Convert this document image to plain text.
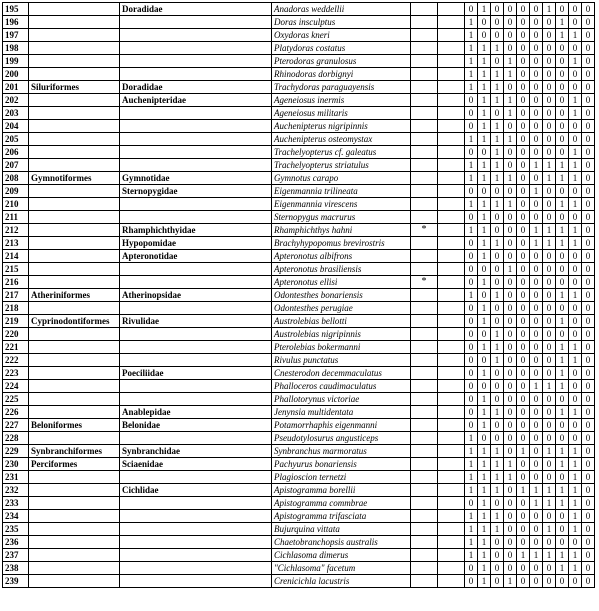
195		Doradidae	Anadoras weddellii			0	1	0	0	0	0	1	0	0	0
196			Doras insculptus			1	0	0	0	0	0	0	1	0	0
197			Oxydoras kneri			1	0	0	0	0	0	0	1	1	0
198			Platydoras costatus			1	1	1	0	0	0	0	0	0	0
199			Pterodoras granulosus			1	1	0	1	0	0	0	0	1	0
200			Rhinodoras dorbignyi			1	1	1	1	0	0	0	0	0	0
201	Siluriformes	Doradidae	Trachydoras paraguayensis			1	1	1	0	0	0	0	0	0	0
202		Auchenipteridae	Ageneiosus inermis			0	1	1	1	0	0	0	0	1	0
203			Ageneiosus militaris			0	1	0	1	0	0	0	0	1	0
204			Auchenipterus nigripinnis			0	1	1	0	0	0	0	0	0	0
205			Auchenipterus osteomystax			1	1	1	1	0	0	0	0	0	0
206			Trachelyopterus cf. galeatus			0	0	1	0	0	0	0	0	1	0
207			Trachelyopterus striatulus			1	1	1	0	0	1	1	1	1	0
208	Gymnotiformes	Gymnotidae	Gymnotus carapo			1	1	1	1	0	0	1	1	1	0
209		Sternopygidae	Eigenmannia trilineata			0	0	0	0	0	1	0	0	0	0
210			Eigenmannia virescens			1	1	1	1	0	0	0	1	1	0
211			Sternopygus macrurus			0	1	0	0	0	0	0	0	0	0
212		Rhamphichthyidae	Rhamphichthys hahni	*		1	1	0	0	0	1	1	1	1	0
213		Hypopomidae	Brachyhypopomus brevirostris			0	1	1	0	0	1	1	1	1	0
214		Apteronotidae	Apteronotus albifrons			0	1	0	0	0	0	0	0	0	0
215			Apteronotus brasiliensis			0	0	0	1	0	0	0	0	0	0
216			Apteronotus ellisi	*		0	1	0	0	0	0	0	0	0	0
217	Atheriniformes	Atherinopsidae	Odontesthes bonariensis			1	0	1	0	0	0	0	1	1	0
218			Odontesthes perugiae			0	1	0	0	0	0	0	0	0	0
219	Cyprinodontiformes	Rivulidae	Austrolebias bellotti			0	1	0	0	0	0	0	1	0	0
220			Austrolebias nigripinnis			0	0	1	0	0	0	0	0	0	0
221			Pterolebias bokermanni			0	1	1	0	0	0	0	1	1	0
222			Rivulus punctatus			0	0	1	0	0	0	0	1	1	0
223		Poeciliidae	Cnesterodon decemmaculatus			0	1	0	0	0	0	0	1	0	0
224			Phalloceros caudimaculatus			0	0	0	0	0	1	1	1	0	0
225			Phallotorynus victoriae			0	1	0	0	0	0	0	0	0	0
226		Anablepidae	Jenynsia multidentata			0	1	1	0	0	0	0	1	1	0
227	Beloniformes	Belonidae	Potamorrhaphis eigenmanni			0	1	0	0	0	0	0	0	0	0
228			Pseudotylosurus angusticeps			1	0	0	0	0	0	0	0	0	0
229	Synbranchiformes	Synbranchidae	Synbranchus marmoratus			1	1	1	0	1	0	1	1	1	0
230	Perciformes	Sciaenidae	Pachyurus bonariensis			1	1	1	1	0	0	0	1	1	0
231			Plagioscion ternetzi			1	1	1	1	0	0	0	0	1	0
232		Cichlidae	Apistogramma borellii			1	1	1	0	1	1	1	1	1	0
233			Apistogramma commbrae			0	1	0	0	0	1	1	1	1	0
234			Apistogramma trifasciata			1	1	1	0	0	0	0	0	1	0
235			Bujurquina vittata			1	1	1	0	0	0	1	0	1	0
236			Chaetobranchopsis australis			1	1	0	0	0	0	0	0	0	0
237			Cichlasoma dimerus			1	1	0	0	1	1	1	1	1	0
238			"Cichlasoma" facetum			0	1	0	0	0	0	0	1	1	0
239			Crenicichla lacustris			0	1	0	1	0	0	0	0	0	0
